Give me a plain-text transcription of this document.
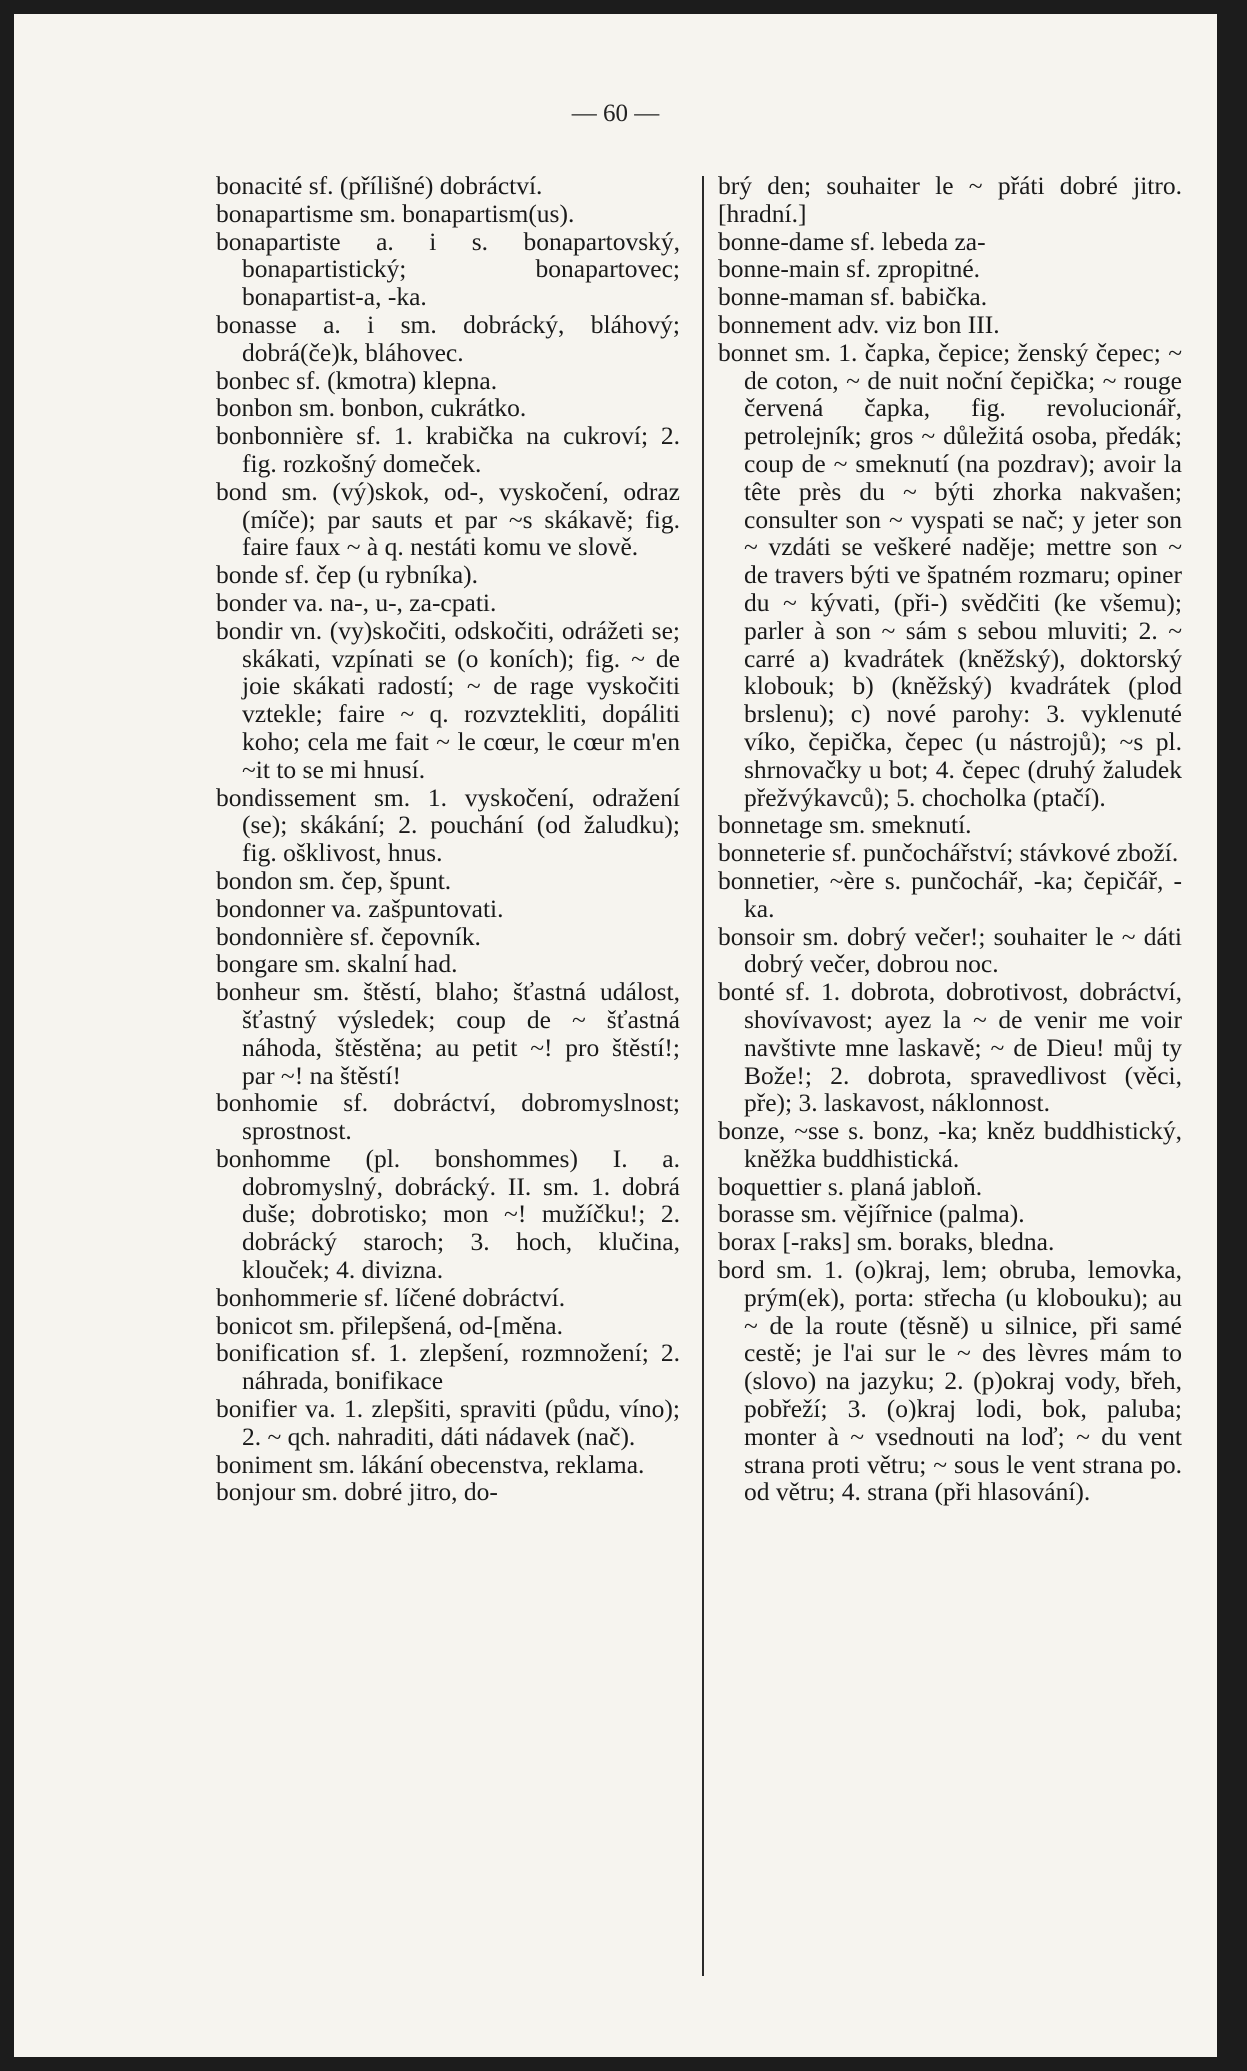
— 60 —

bonacité sf. (přílišné) dobráctví.

bonapartisme sm. bonapartism(us).

bonapartiste a. i s. bonapartovský, bonapartistický; bonapartovec; bonapartist-a, -ka.

bonasse a. i sm. dobrácký, bláhový; dobrá(če)k, bláhovec.

bonbec sf. (kmotra) klepna.

bonbon sm. bonbon, cukrátko.

bonbonnière sf. 1. krabička na cukroví; 2. fig. rozkošný domeček.

bond sm. (vý)skok, od-, vyskočení, odraz (míče); par sauts et par ~s skákavě; fig. faire faux ~ à q. nestáti komu ve slově.

bonde sf. čep (u rybníka).

bonder va. na-, u-, za-cpati.

bondir vn. (vy)skočiti, odskočiti, odrážeti se; skákati, vzpínati se (o koních); fig. ~ de joie skákati radostí; ~ de rage vyskočiti vztekle; faire ~ q. rozvztekliti, dopáliti koho; cela me fait ~ le cœur, le cœur m'en ~it to se mi hnusí.

bondissement sm. 1. vyskočení, odražení (se); skákání; 2. pouchání (od žaludku); fig. ošklivost, hnus.

bondon sm. čep, špunt.

bondonner va. zašpuntovati.

bondonnière sf. čepovník.

bongare sm. skalní had.

bonheur sm. štěstí, blaho; šťastná událost, šťastný výsledek; coup de ~ šťastná náhoda, štěstěna; au petit ~! pro štěstí!; par ~! na štěstí!

bonhomie sf. dobráctví, dobromyslnost; sprostnost.

bonhomme (pl. bonshommes) I. a. dobromyslný, dobrácký. II. sm. 1. dobrá duše; dobrotisko; mon ~! mužíčku!; 2. dobrácký staroch; 3. hoch, klučina, klouček; 4. divizna.

bonhommerie sf. líčené dobráctví.

bonicot sm. přilepšená, od-[měna.

bonification sf. 1. zlepšení, rozmnožení; 2. náhrada, bonifikace

bonifier va. 1. zlepšiti, spraviti (půdu, víno); 2. ~ qch. nahraditi, dáti nádavek (nač).

boniment sm. lákání obecenstva, reklama.

bonjour sm. dobré jitro, do-

brý den; souhaiter le ~ přáti dobré jitro. [hradní.]

bonne-dame sf. lebeda za-

bonne-main sf. zpropitné.

bonne-maman sf. babička.

bonnement adv. viz bon III.

bonnet sm. 1. čapka, čepice; ženský čepec; ~ de coton, ~ de nuit noční čepička; ~ rouge červená čapka, fig. revolucionář, petrolejník; gros ~ důležitá osoba, předák; coup de ~ smeknutí (na pozdrav); avoir la tête près du ~ býti zhorka nakvašen; consulter son ~ vyspati se nač; y jeter son ~ vzdáti se veškeré naděje; mettre son ~ de travers býti ve špatném rozmaru; opiner du ~ kývati, (při-) svědčiti (ke všemu); parler à son ~ sám s sebou mluviti; 2. ~ carré a) kvadrátek (kněžský), doktorský klobouk; b) (kněžský) kvadrátek (plod brslenu); c) nové parohy: 3. vyklenuté víko, čepička, čepec (u nástrojů); ~s pl. shrnovačky u bot; 4. čepec (druhý žaludek přežvýkavců); 5. chocholka (ptačí).

bonnetage sm. smeknutí.

bonneterie sf. punčochářství; stávkové zboží.

bonnetier, ~ère s. punčochář, -ka; čepičář, -ka.

bonsoir sm. dobrý večer!; souhaiter le ~ dáti dobrý večer, dobrou noc.

bonté sf. 1. dobrota, dobrotivost, dobráctví, shovívavost; ayez la ~ de venir me voir navštivte mne laskavě; ~ de Dieu! můj ty Bože!; 2. dobrota, spravedlivost (věci, pře); 3. laskavost, náklonnost.

bonze, ~sse s. bonz, -ka; kněz buddhistický, kněžka buddhistická.

boquettier s. planá jabloň.

borasse sm. vějířnice (palma).

borax [-raks] sm. boraks, bledna.

bord sm. 1. (o)kraj, lem; obruba, lemovka, prým(ek), porta: střecha (u klobouku); au ~ de la route (těsně) u silnice, při samé cestě; je l'ai sur le ~ des lèvres mám to (slovo) na jazyku; 2. (p)okraj vody, břeh, pobřeží; 3. (o)kraj lodi, bok, paluba; monter à ~ vsednouti na loď; ~ du vent strana proti větru; ~ sous le vent strana po. od větru; 4. strana (při hlasování).
